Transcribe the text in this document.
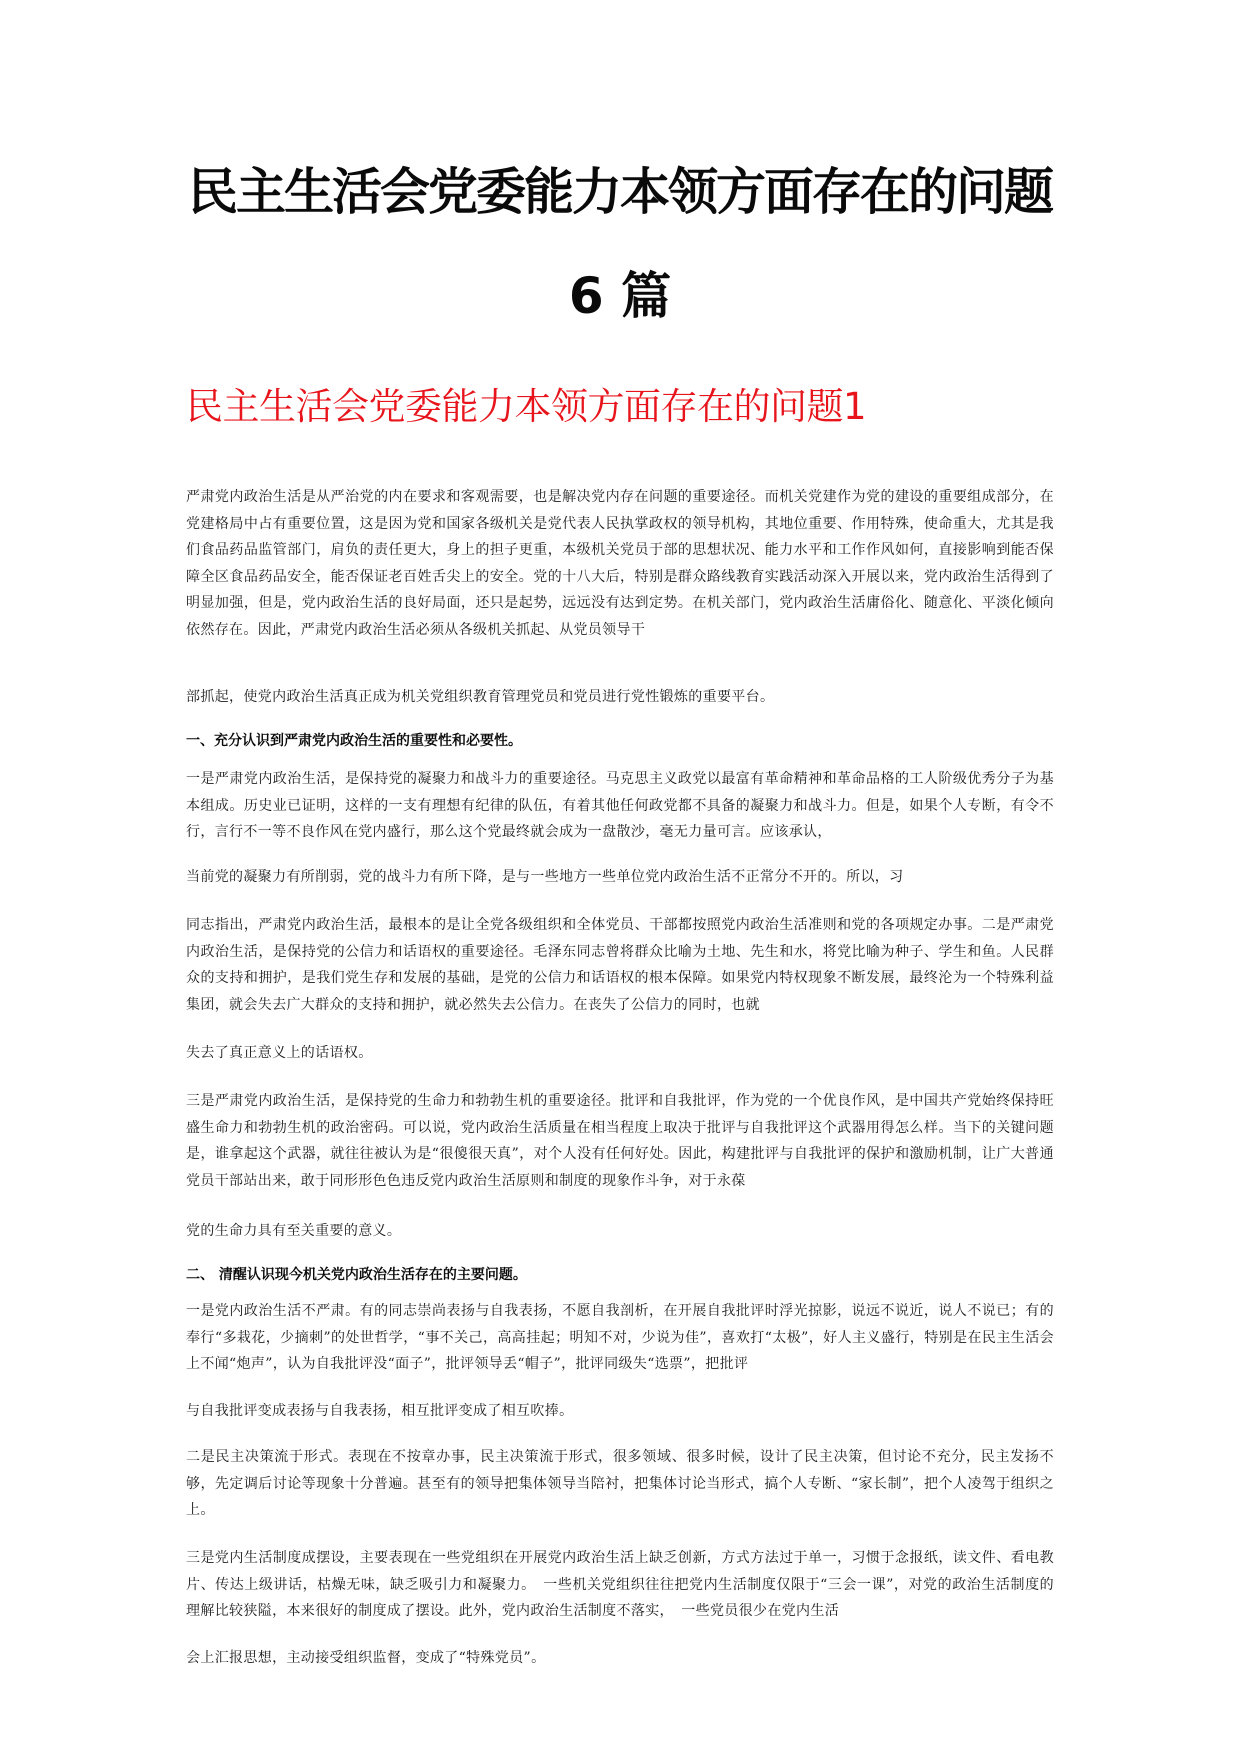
民主生活会党委能力本领方面存在的问题
6 篇
民主生活会党委能力本领方面存在的问题1

严肃党内政治生活是从严治党的内在要求和客观需要，也是解决党内存在问题的重要途径。而机关党建作为党的建设的重要组成部分，在党建格局中占有重要位置，这是因为党和国家各级机关是党代表人民执掌政权的领导机构，其地位重要、作用特殊，使命重大，尤其是我们食品药品监管部门，肩负的责任更大，身上的担子更重，本级机关党员于部的思想状况、能力水平和工作作风如何，直接影响到能否保障全区食品药品安全，能否保证老百姓舌尖上的安全。党的十八大后，特别是群众路线教育实践活动深入开展以来，党内政治生活得到了明显加强，但是，党内政治生活的良好局面，还只是起势，远远没有达到定势。在机关部门，党内政治生活庸俗化、随意化、平淡化倾向依然存在。因此，严肃党内政治生活必须从各级机关抓起、从党员领导干

部抓起，使党内政治生活真正成为机关党组织教育管理党员和党员进行党性锻炼的重要平台。

一、充分认识到严肃党内政治生活的重要性和必要性。

一是严肃党内政治生活，是保持党的凝聚力和战斗力的重要途径。马克思主义政党以最富有革命精神和革命品格的工人阶级优秀分子为基本组成。历史业已证明，这样的一支有理想有纪律的队伍，有着其他任何政党都不具备的凝聚力和战斗力。但是，如果个人专断，有令不行，言行不一等不良作风在党内盛行，那么这个党最终就会成为一盘散沙，毫无力量可言。应该承认，

当前党的凝聚力有所削弱，党的战斗力有所下降，是与一些地方一些单位党内政治生活不正常分不开的。所以，习

同志指出，严肃党内政治生活，最根本的是让全党各级组织和全体党员、干部都按照党内政治生活准则和党的各项规定办事。二是严肃党内政治生活，是保持党的公信力和话语权的重要途径。毛泽东同志曾将群众比喻为土地、先生和水，将党比喻为种子、学生和鱼。人民群众的支持和拥护，是我们党生存和发展的基础，是党的公信力和话语权的根本保障。如果党内特权现象不断发展，最终沦为一个特殊利益集团，就会失去广大群众的支持和拥护，就必然失去公信力。在丧失了公信力的同时，也就

失去了真正意义上的话语权。

三是严肃党内政治生活，是保持党的生命力和勃勃生机的重要途径。批评和自我批评，作为党的一个优良作风，是中国共产党始终保持旺盛生命力和勃勃生机的政治密码。可以说，党内政治生活质量在相当程度上取决于批评与自我批评这个武器用得怎么样。当下的关键问题是，谁拿起这个武器，就往往被认为是“很傻很天真”，对个人没有任何好处。因此，构建批评与自我批评的保护和激励机制，让广大普通党员干部站出来，敢于同形形色色违反党内政治生活原则和制度的现象作斗争，对于永葆

党的生命力具有至关重要的意义。

二、 清醒认识现今机关党内政治生活存在的主要问题。

一是党内政治生活不严肃。有的同志崇尚表扬与自我表扬，不愿自我剖析，在开展自我批评时浮光掠影，说远不说近，说人不说已；有的奉行“多栽花，少摘刺”的处世哲学，“事不关己，高高挂起；明知不对，少说为佳”，喜欢打“太极”，好人主义盛行，特别是在民主生活会上不闻“炮声”，认为自我批评没“面子”，批评领导丢“帽子”，批评同级失“选票”，把批评

与自我批评变成表扬与自我表扬，相互批评变成了相互吹捧。

二是民主决策流于形式。表现在不按章办事，民主决策流于形式，很多领域、很多时候，设计了民主决策，但讨论不充分，民主发扬不够，先定调后讨论等现象十分普遍。甚至有的领导把集体领导当陪衬，把集体讨论当形式，搞个人专断、“家长制”，把个人凌驾于组织之上。

三是党内生活制度成摆设，主要表现在一些党组织在开展党内政治生活上缺乏创新，方式方法过于单一，习惯于念报纸，读文件、看电教片、传达上级讲话，枯燥无味，缺乏吸引力和凝聚力。　一些机关党组织往往把党内生活制度仅限于“三会一课”，对党的政治生活制度的理解比较狭隘，本来很好的制度成了摆设。此外，党内政治生活制度不落实，　一些党员很少在党内生活

会上汇报思想，主动接受组织监督，变成了“特殊党员”。
